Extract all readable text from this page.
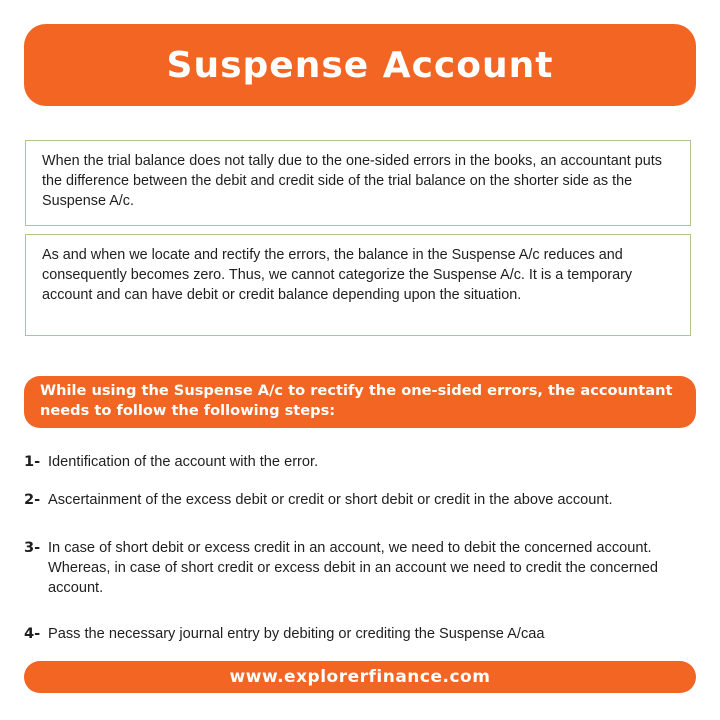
Suspense Account

When the trial balance does not tally due to the one-sided errors in the books, an accountant puts the difference between the debit and credit side of the trial balance on the shorter side as the Suspense A/c.

As and when we locate and rectify the errors, the balance in the Suspense A/c reduces and consequently becomes zero. Thus, we cannot categorize the Suspense A/c. It is a temporary account and can have debit or credit balance depending upon the situation.

While using the Suspense A/c to rectify the one-sided errors, the accountant needs to follow the following steps:

1- Identification of the account with the error.
2- Ascertainment of the excess debit or credit or short debit or credit in the above account.
3- In case of short debit or excess credit in an account, we need to debit the concerned account. Whereas, in case of short credit or excess debit in an account we need to credit the concerned account.
4- Pass the necessary journal entry by debiting or crediting the Suspense A/caa
www.explorerfinance.com
